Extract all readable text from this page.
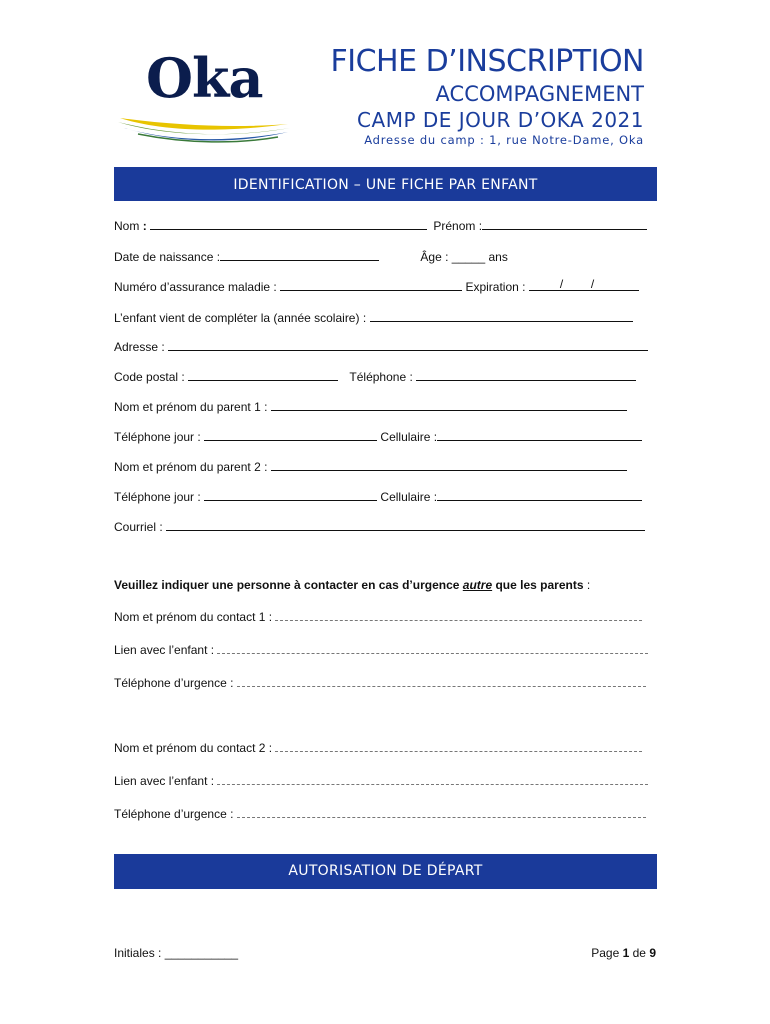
Oka FICHE D’INSCRIPTION
ACCOMPAGNEMENT
CAMP DE JOUR D’OKA 2021
Adresse du camp : 1, rue Notre-Dame, Oka
IDENTIFICATION – UNE FICHE PAR ENFANT
Nom :	Prénom :
Date de naissance :	Âge : _____ ans
Numéro d’assurance maladie :	Expiration :	/ /
L’enfant vient de compléter la (année scolaire) :
Adresse :
Code postal :	Téléphone :
Nom et prénom du parent 1 :
Téléphone jour :	Cellulaire :
Nom et prénom du parent 2 :
Téléphone jour :	Cellulaire :
Courriel :
Veuillez indiquer une personne à contacter en cas d’urgence autre que les parents :
Nom et prénom du contact 1 :
Lien avec l’enfant :
Téléphone d’urgence :
Nom et prénom du contact 2 :
Lien avec l’enfant :
Téléphone d’urgence :
AUTORISATION DE DÉPART
Initiales : ___________	Page 1 de 9
